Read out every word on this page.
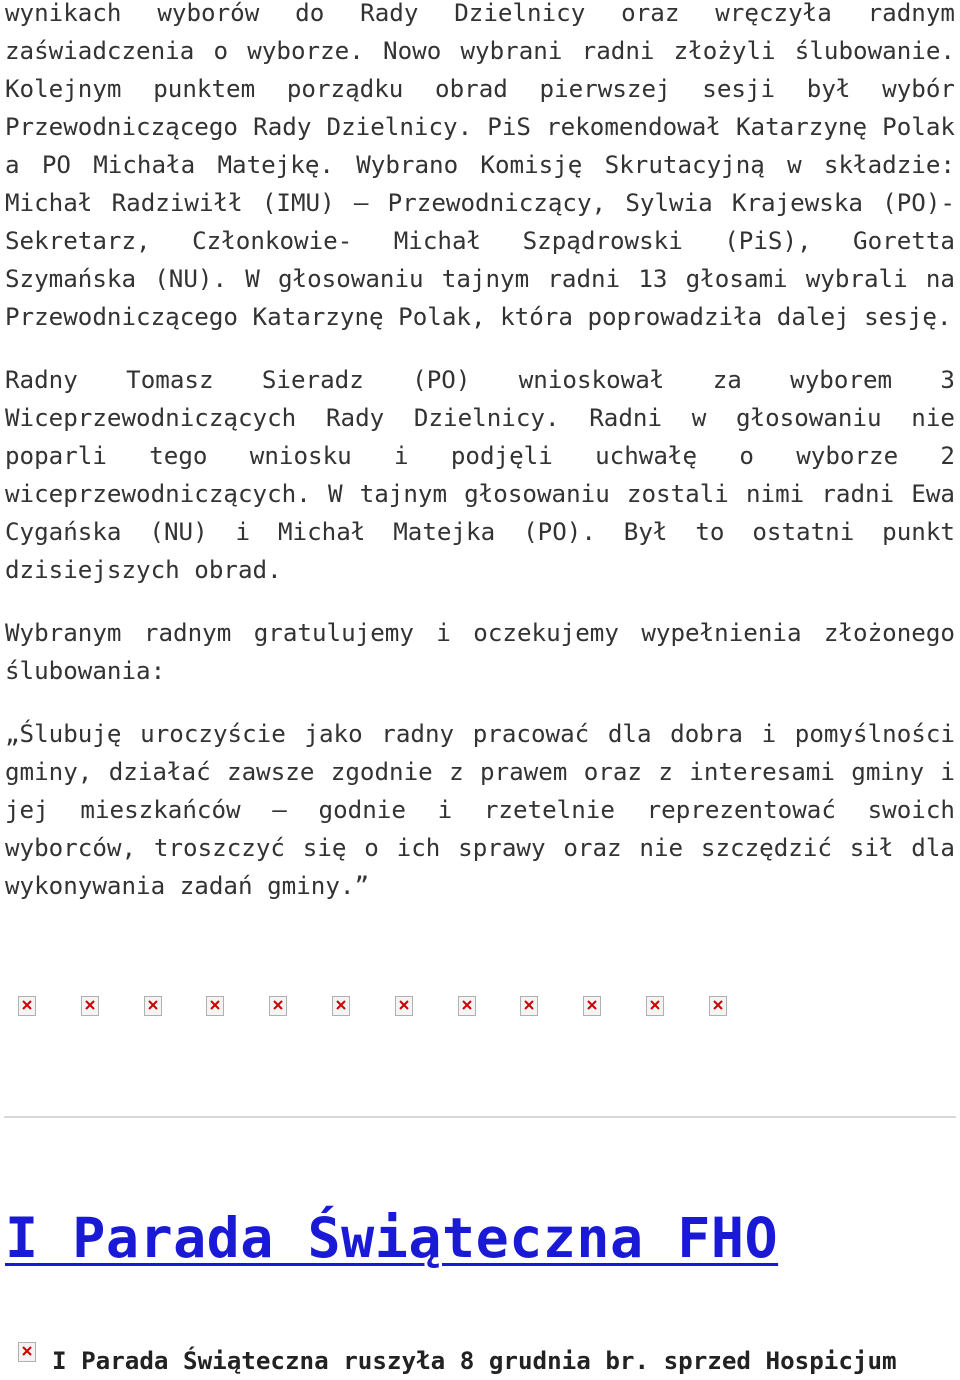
wynikach wyborów do Rady Dzielnicy oraz wręczyła radnym zaświadczenia o wyborze. Nowo wybrani radni złożyli ślubowanie. Kolejnym punktem porządku obrad pierwszej sesji był wybór Przewodniczącego Rady Dzielnicy. PiS rekomendował Katarzynę Polak a PO Michała Matejkę. Wybrano Komisję Skrutacyjną w składzie: Michał Radziwiłł (IMU) – Przewodniczący, Sylwia Krajewska (PO)- Sekretarz, Członkowie- Michał Szpądrowski (PiS), Goretta Szymańska (NU). W głosowaniu tajnym radni 13 głosami wybrali na Przewodniczącego Katarzynę Polak, która poprowadziła dalej sesję.

Radny Tomasz Sieradz (PO) wnioskował za wyborem 3 Wiceprzewodniczących Rady Dzielnicy. Radni w głosowaniu nie poparli tego wniosku i podjęli uchwałę o wyborze 2 wiceprzewodniczących. W tajnym głosowaniu zostali nimi radni Ewa Cygańska (NU) i Michał Matejka (PO). Był to ostatni punkt dzisiejszych obrad.

Wybranym radnym gratulujemy i oczekujemy wypełnienia złożonego ślubowania:

„Ślubuję uroczyście jako radny pracować dla dobra i pomyślności gminy, działać zawsze zgodnie z prawem oraz z interesami gminy i jej mieszkańców – godnie i rzetelnie reprezentować swoich wyborców, troszczyć się o ich sprawy oraz nie szczędzić sił dla wykonywania zadań gminy.”

I Parada Świąteczna FHO

I Parada Świąteczna ruszyła 8 grudnia br. sprzed Hospicjum
